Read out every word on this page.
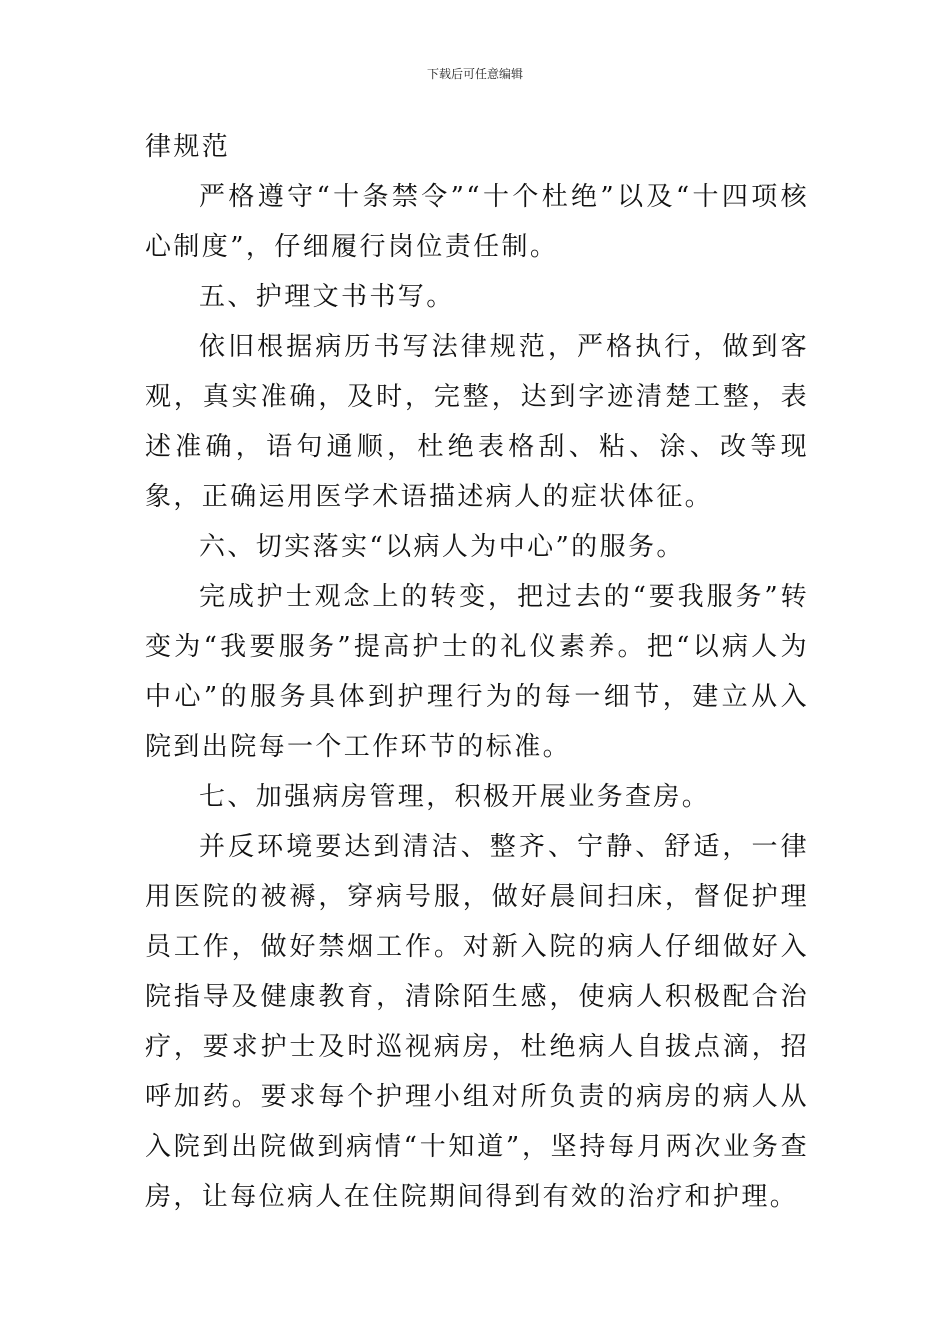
下载后可任意编辑

律规范

严格遵守“十条禁令”“十个杜绝”以及“十四项核心制度”，仔细履行岗位责任制。

五、护理文书书写。

依旧根据病历书写法律规范，严格执行，做到客观，真实准确，及时，完整，达到字迹清楚工整，表述准确，语句通顺，杜绝表格刮、粘、涂、改等现象，正确运用医学术语描述病人的症状体征。

六、切实落实“以病人为中心”的服务。

完成护士观念上的转变，把过去的“要我服务”转变为“我要服务”提高护士的礼仪素养。把“以病人为中心”的服务具体到护理行为的每一细节，建立从入院到出院每一个工作环节的标准。

七、加强病房管理，积极开展业务查房。

并反环境要达到清洁、整齐、宁静、舒适，一律用医院的被褥，穿病号服，做好晨间扫床，督促护理员工作，做好禁烟工作。对新入院的病人仔细做好入院指导及健康教育，清除陌生感，使病人积极配合治疗，要求护士及时巡视病房，杜绝病人自拔点滴，招呼加药。要求每个护理小组对所负责的病房的病人从入院到出院做到病情“十知道”，坚持每月两次业务查房，让每位病人在住院期间得到有效的治疗和护理。
